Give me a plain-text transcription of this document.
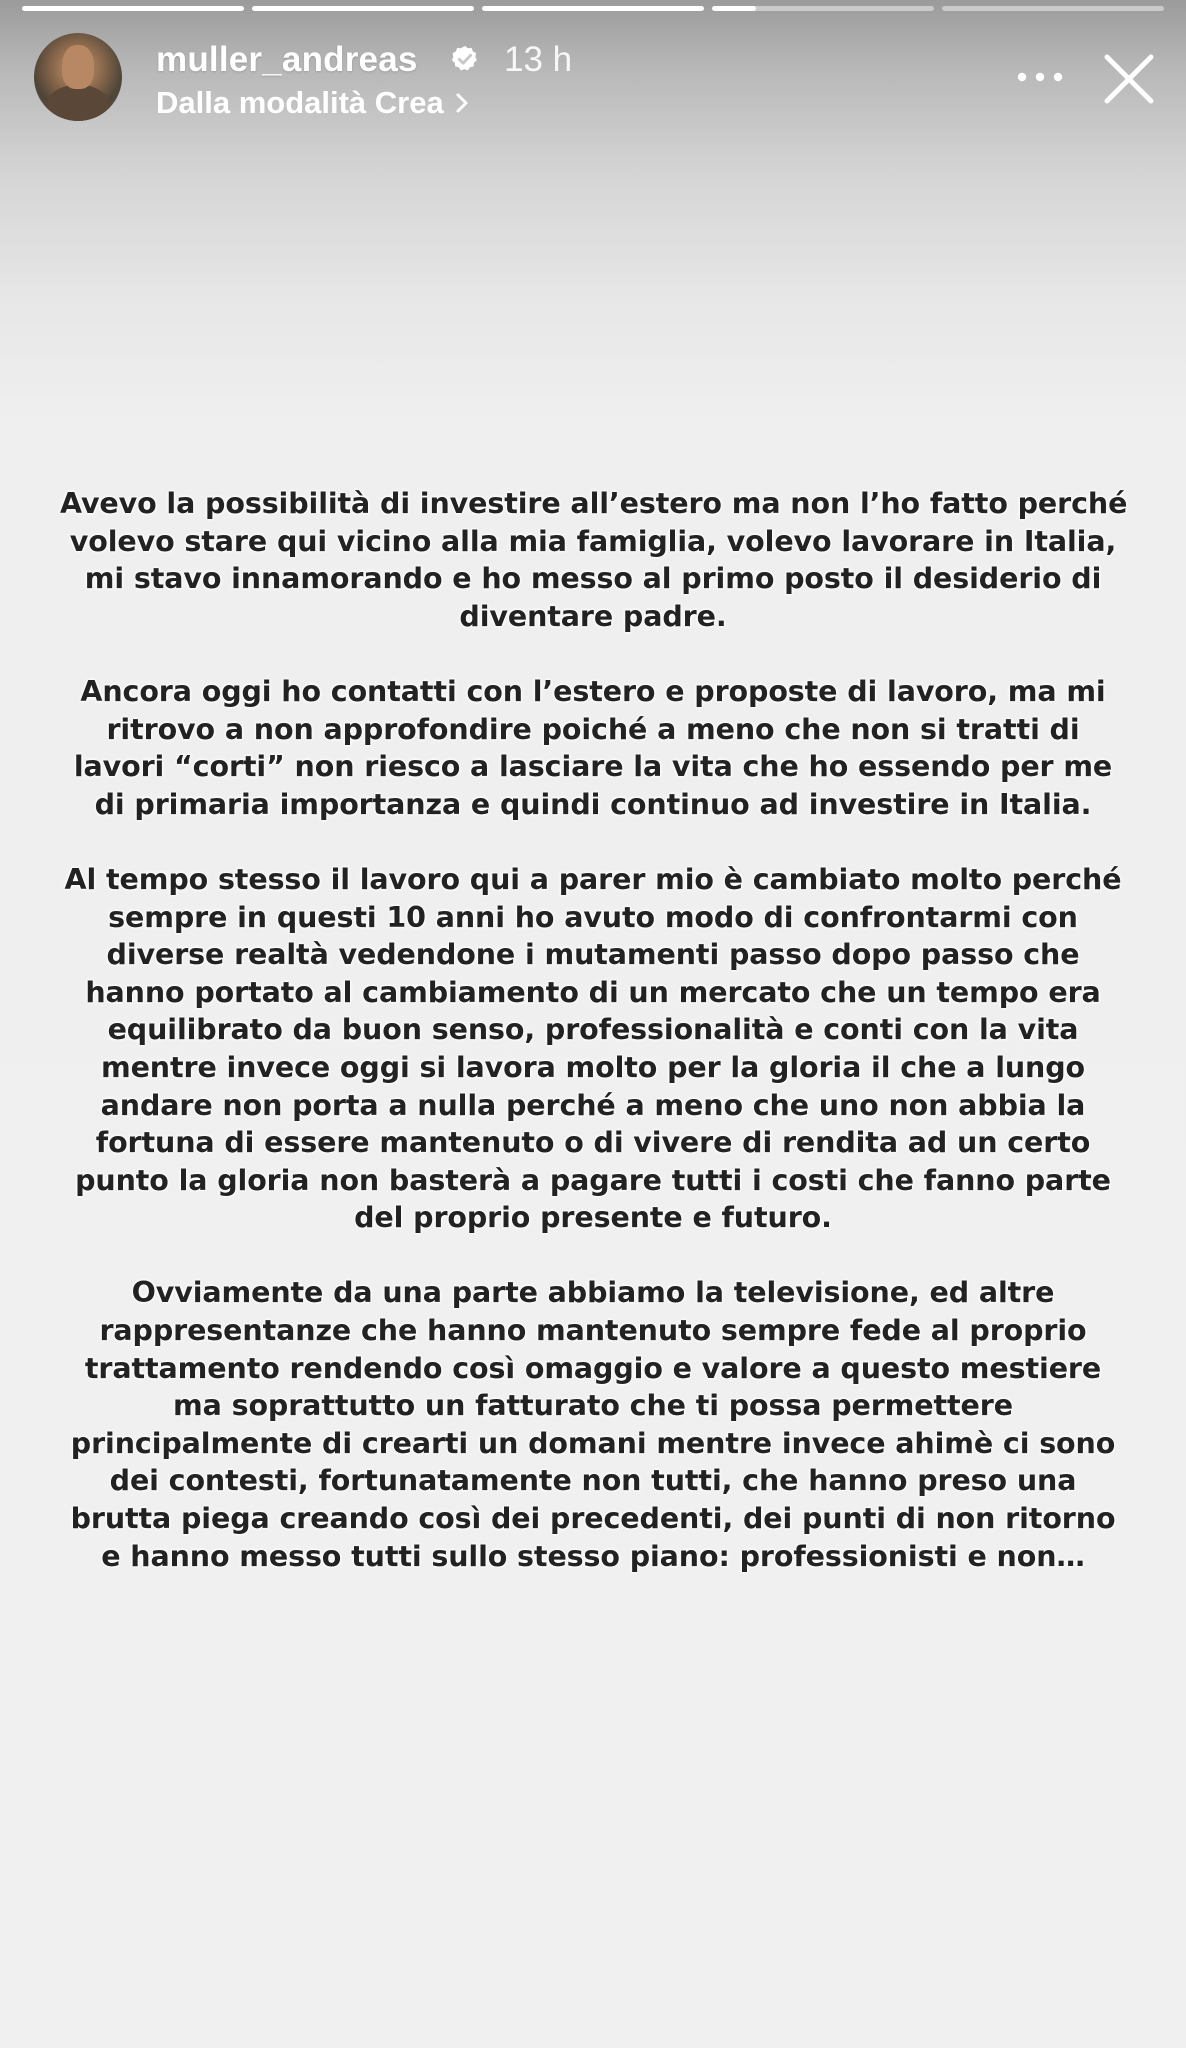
muller_andreas 13 h
Dalla modalità Crea

Avevo la possibilità di investire all’estero ma non l’ho fatto perché
volevo stare qui vicino alla mia famiglia, volevo lavorare in Italia,
mi stavo innamorando e ho messo al primo posto il desiderio di
diventare padre.

Ancora oggi ho contatti con l’estero e proposte di lavoro, ma mi
ritrovo a non approfondire poiché a meno che non si tratti di
lavori “corti” non riesco a lasciare la vita che ho essendo per me
di primaria importanza e quindi continuo ad investire in Italia.

Al tempo stesso il lavoro qui a parer mio è cambiato molto perché
sempre in questi 10 anni ho avuto modo di confrontarmi con
diverse realtà vedendone i mutamenti passo dopo passo che
hanno portato al cambiamento di un mercato che un tempo era
equilibrato da buon senso, professionalità e conti con la vita
mentre invece oggi si lavora molto per la gloria il che a lungo
andare non porta a nulla perché a meno che uno non abbia la
fortuna di essere mantenuto o di vivere di rendita ad un certo
punto la gloria non basterà a pagare tutti i costi che fanno parte
del proprio presente e futuro.

Ovviamente da una parte abbiamo la televisione, ed altre
rappresentanze che hanno mantenuto sempre fede al proprio
trattamento rendendo così omaggio e valore a questo mestiere
ma soprattutto un fatturato che ti possa permettere
principalmente di crearti un domani mentre invece ahimè ci sono
dei contesti, fortunatamente non tutti, che hanno preso una
brutta piega creando così dei precedenti, dei punti di non ritorno
e hanno messo tutti sullo stesso piano: professionisti e non…
